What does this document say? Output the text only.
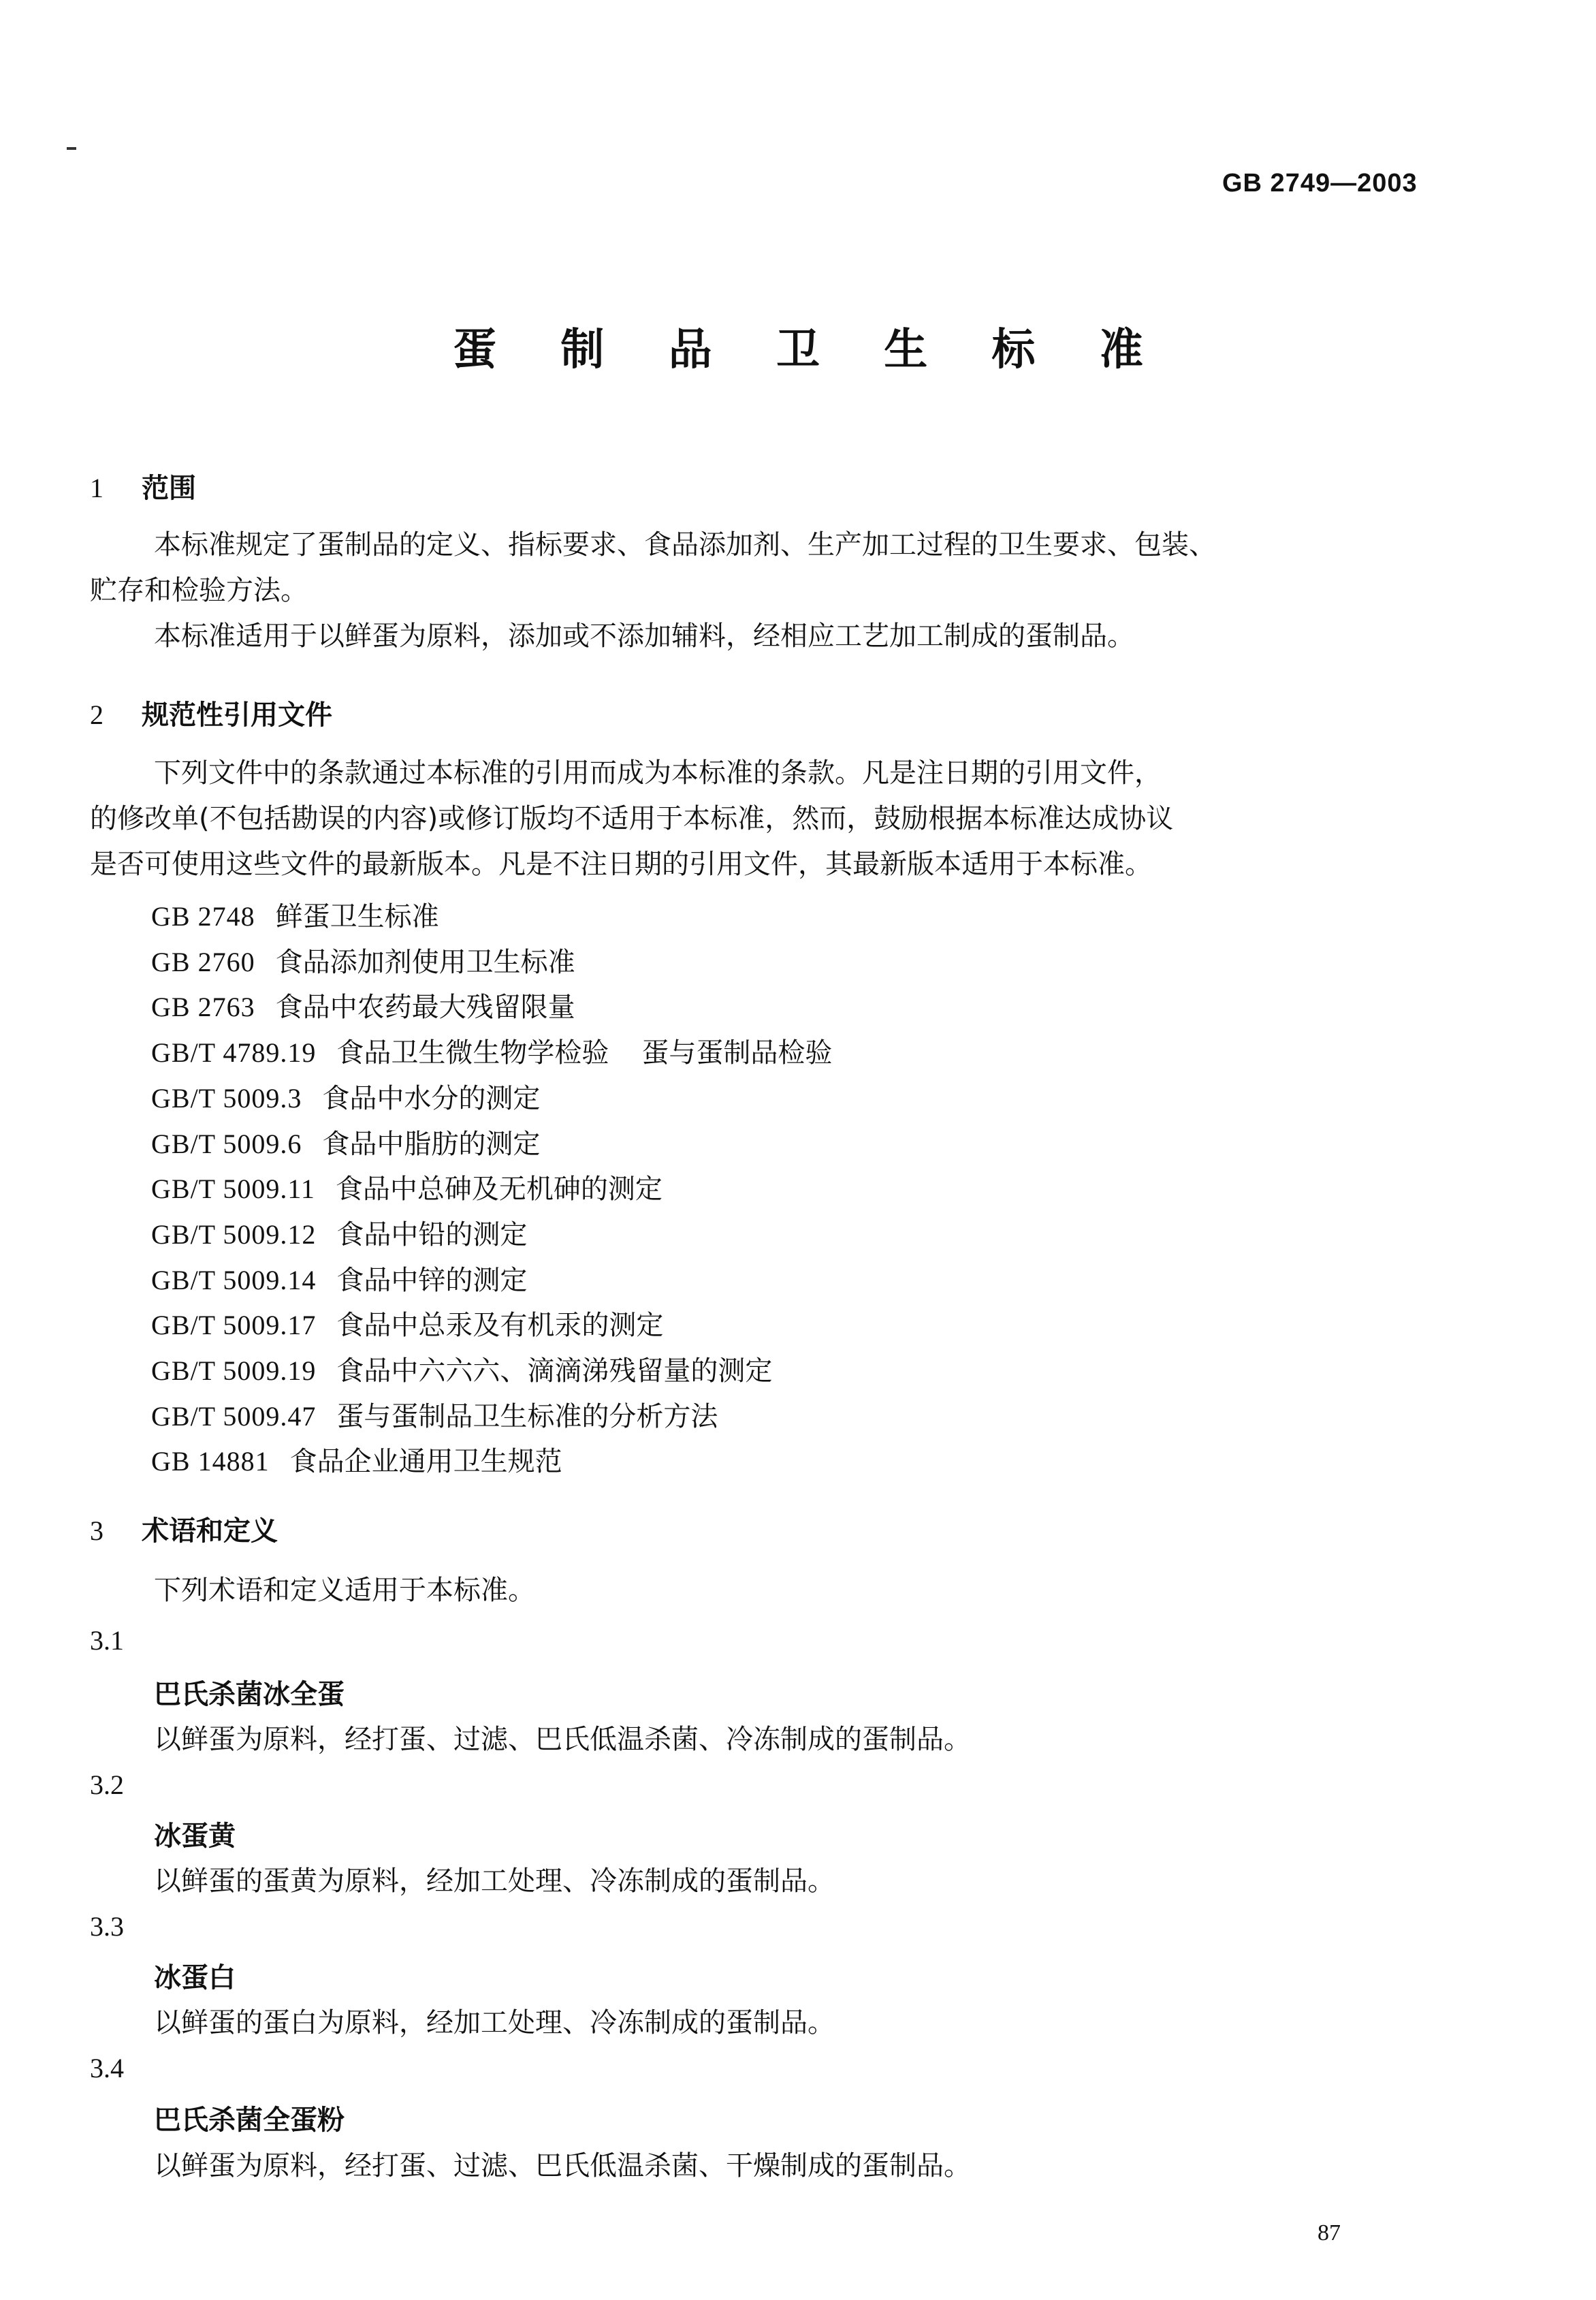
GB 2749—2003
蛋 制 品 卫 生 标 准
1 范围
本标准规定了蛋制品的定义、指标要求、食品添加剂、生产加工过程的卫生要求、包装、
贮存和检验方法。
本标准适用于以鲜蛋为原料，添加或不添加辅料，经相应工艺加工制成的蛋制品。
2 规范性引用文件
下列文件中的条款通过本标准的引用而成为本标准的条款。凡是注日期的引用文件，
的修改单(不包括勘误的内容)或修订版均不适用于本标准，然而，鼓励根据本标准达成协议
是否可使用这些文件的最新版本。凡是不注日期的引用文件，其最新版本适用于本标准。
GB 2748 鲜蛋卫生标准
GB 2760 食品添加剂使用卫生标准
GB 2763 食品中农药最大残留限量
GB/T 4789.19 食品卫生微生物学检验 蛋与蛋制品检验
GB/T 5009.3 食品中水分的测定
GB/T 5009.6 食品中脂肪的测定
GB/T 5009.11 食品中总砷及无机砷的测定
GB/T 5009.12 食品中铅的测定
GB/T 5009.14 食品中锌的测定
GB/T 5009.17 食品中总汞及有机汞的测定
GB/T 5009.19 食品中六六六、滴滴涕残留量的测定
GB/T 5009.47 蛋与蛋制品卫生标准的分析方法
GB 14881 食品企业通用卫生规范
3 术语和定义
下列术语和定义适用于本标准。
3.1
巴氏杀菌冰全蛋
以鲜蛋为原料，经打蛋、过滤、巴氏低温杀菌、冷冻制成的蛋制品。
3.2
冰蛋黄
以鲜蛋的蛋黄为原料，经加工处理、冷冻制成的蛋制品。
3.3
冰蛋白
以鲜蛋的蛋白为原料，经加工处理、冷冻制成的蛋制品。
3.4
巴氏杀菌全蛋粉
以鲜蛋为原料，经打蛋、过滤、巴氏低温杀菌、干燥制成的蛋制品。
87
